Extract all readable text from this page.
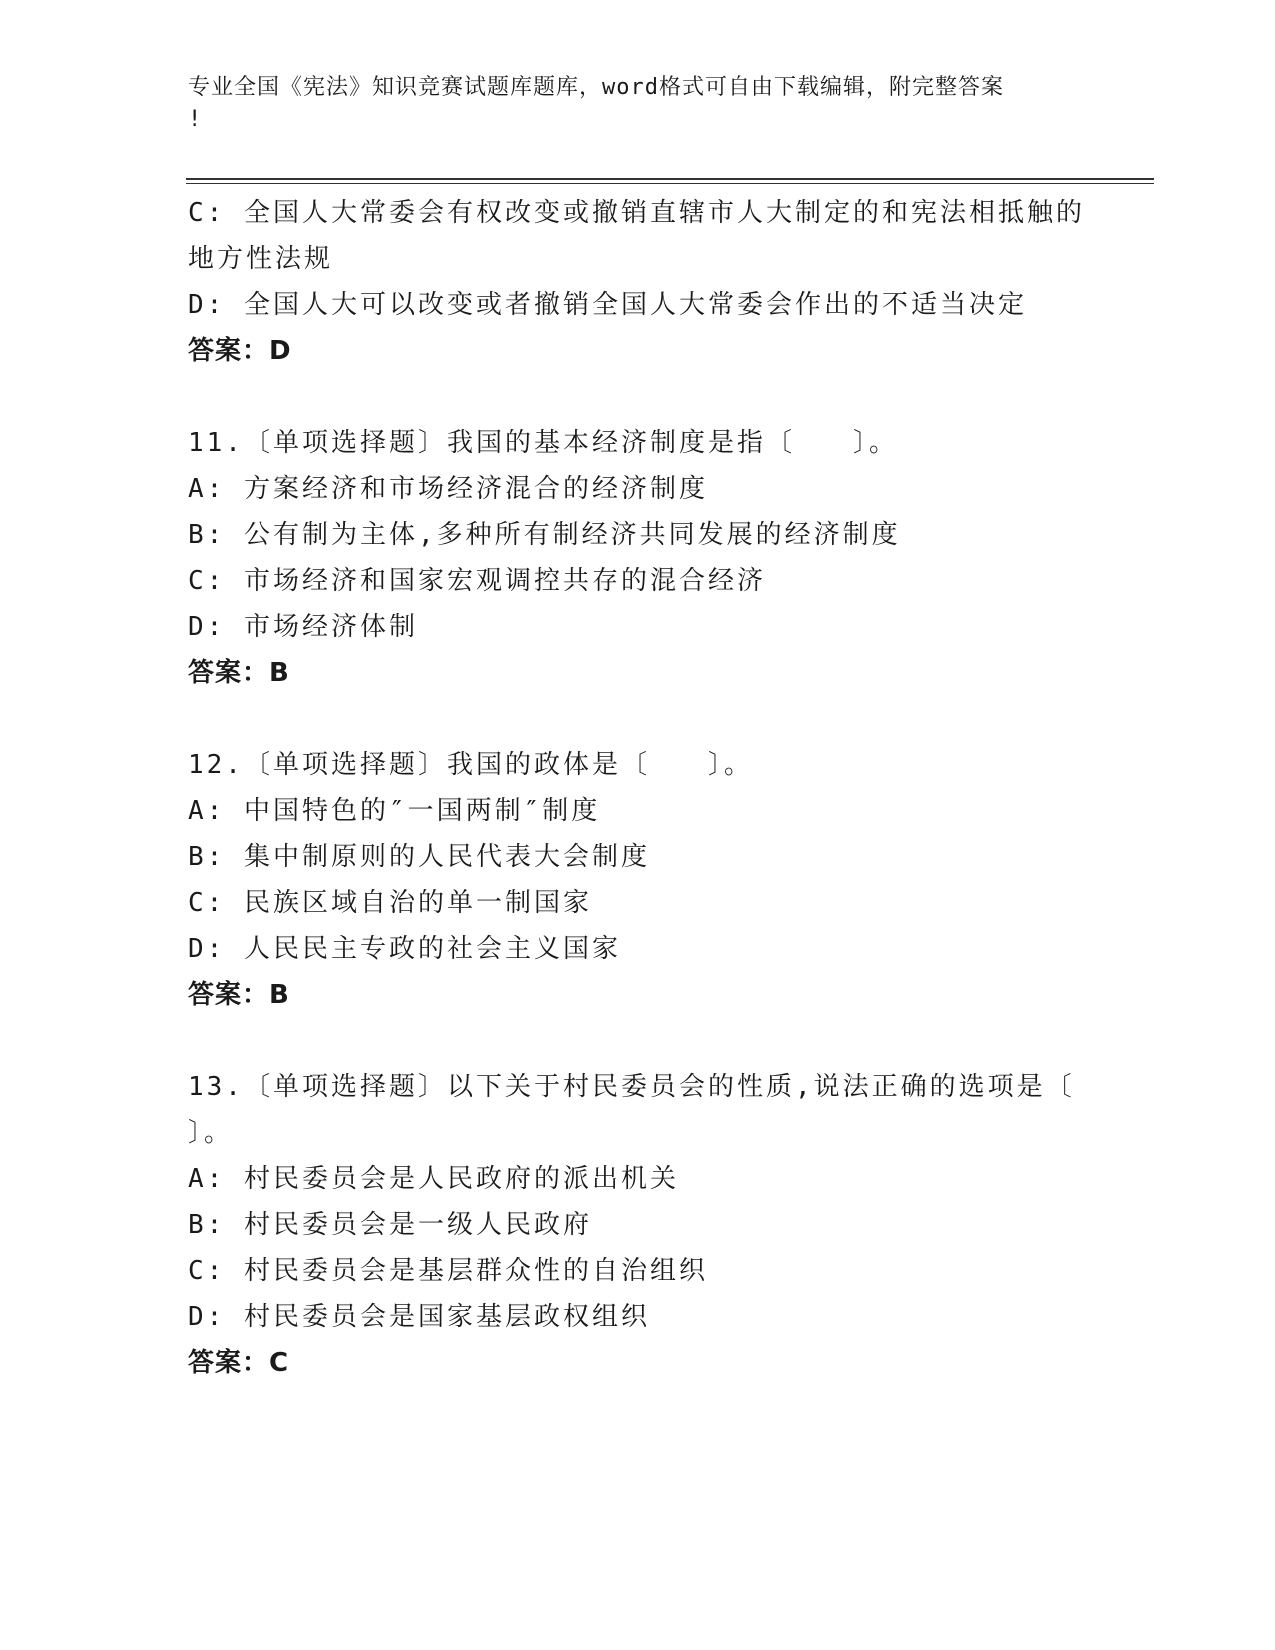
专业全国《宪法》知识竞赛试题库题库，word格式可自由下载编辑，附完整答案
!
C: 全国人大常委会有权改变或撤销直辖市人大制定的和宪法相抵触的
地方性法规
D: 全国人大可以改变或者撤销全国人大常委会作出的不适当决定
答案：D
11.〔单项选择题〕我国的基本经济制度是指〔　　〕。
A: 方案经济和市场经济混合的经济制度
B: 公有制为主体,多种所有制经济共同发展的经济制度
C: 市场经济和国家宏观调控共存的混合经济
D: 市场经济体制
答案：B
12.〔单项选择题〕我国的政体是〔　　〕。
A: 中国特色的″一国两制″制度
B: 集中制原则的人民代表大会制度
C: 民族区域自治的单一制国家
D: 人民民主专政的社会主义国家
答案：B
13.〔单项选择题〕以下关于村民委员会的性质,说法正确的选项是〔
〕。
A: 村民委员会是人民政府的派出机关
B: 村民委员会是一级人民政府
C: 村民委员会是基层群众性的自治组织
D: 村民委员会是国家基层政权组织
答案：C
